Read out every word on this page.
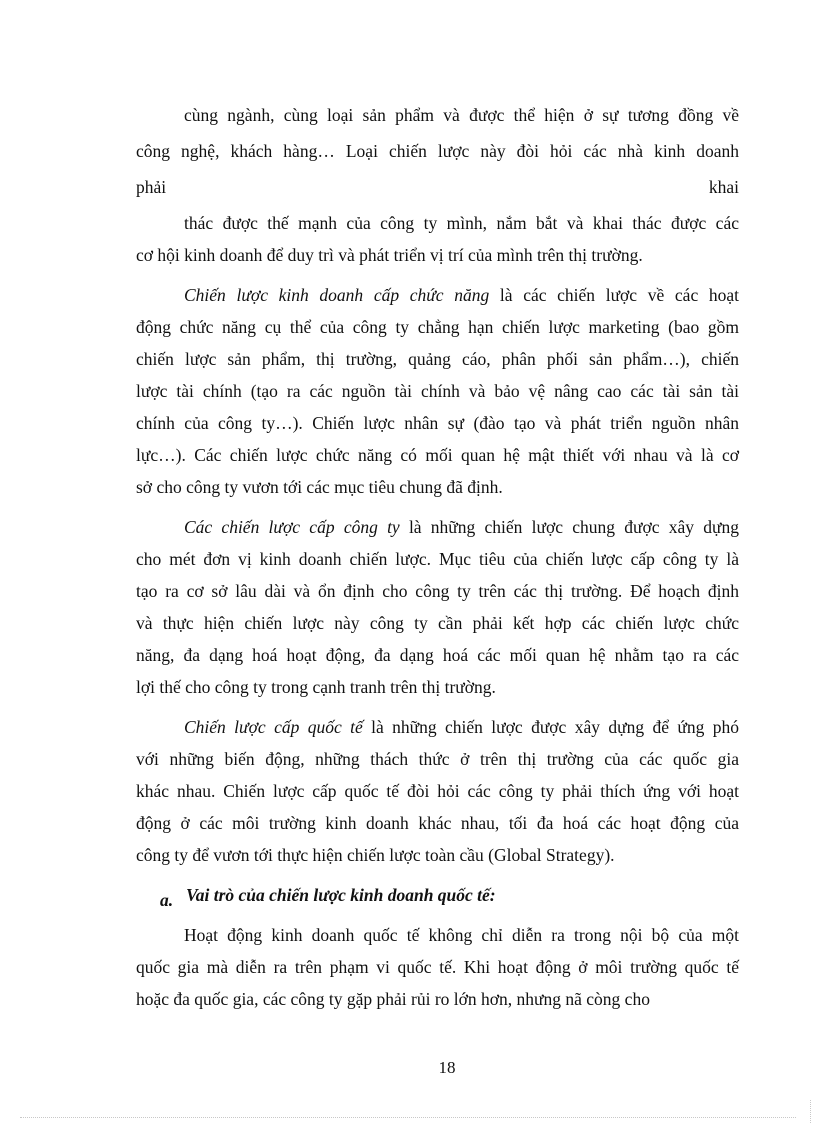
cùng ngành, cùng loại sản phẩm và được thể hiện ở sự tương đồng về
công nghệ, khách hàng… Loại chiến lược này đòi hỏi các nhà kinh doanh
phải	khai
thác được thế mạnh của công ty mình, nắm bắt và khai thác được các
cơ hội kinh doanh để duy trì và phát triển vị trí của mình trên thị trường.
Chiến lược kinh doanh cấp chức năng là các chiến lược về các hoạt
động chức năng cụ thể của công ty chẳng hạn chiến lược marketing (bao gồm
chiến lược sản phẩm, thị trường, quảng cáo, phân phối sản phẩm…), chiến
lược tài chính (tạo ra các nguồn tài chính và bảo vệ nâng cao các tài sản tài
chính của công ty…). Chiến lược nhân sự (đào tạo và phát triển nguồn nhân
lực…). Các chiến lược chức năng có mối quan hệ mật thiết với nhau và là cơ
sở cho công ty vươn tới các mục tiêu chung đã định.
Các chiến lược cấp công ty là những chiến lược chung được xây dựng
cho mét đơn vị kinh doanh chiến lược. Mục tiêu của chiến lược cấp công ty là
tạo ra cơ sở lâu dài và ổn định cho công ty trên các thị trường. Để hoạch định
và thực hiện chiến lược này công ty cần phải kết hợp các chiến lược chức
năng, đa dạng hoá hoạt động, đa dạng hoá các mối quan hệ nhằm tạo ra các
lợi thế cho công ty trong cạnh tranh trên thị trường.
Chiến lược cấp quốc tế là những chiến lược được xây dựng để ứng phó
với những biến động, những thách thức ở trên thị trường của các quốc gia
khác nhau. Chiến lược cấp quốc tế đòi hỏi các công ty phải thích ứng với hoạt
động ở các môi trường kinh doanh khác nhau, tối đa hoá các hoạt động của
công ty để vươn tới thực hiện chiến lược toàn cầu (Global Strategy).
a. Vai trò của chiến lược kinh doanh quốc tế:
Hoạt động kinh doanh quốc tế không chỉ diễn ra trong nội bộ của một
quốc gia mà diễn ra trên phạm vi quốc tế. Khi hoạt động ở môi trường quốc tế
hoặc đa quốc gia, các công ty gặp phải rủi ro lớn hơn, nhưng nã còng cho
18
